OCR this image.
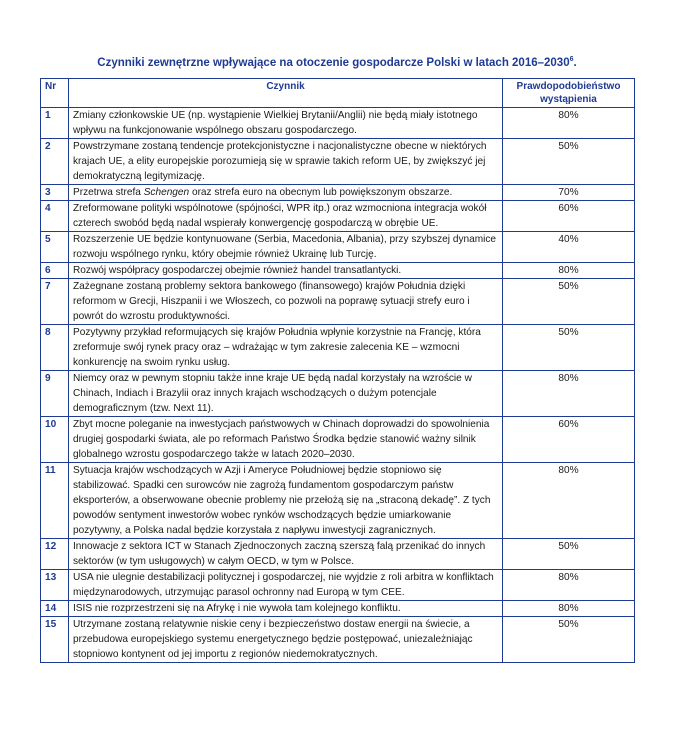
Czynniki zewnętrzne wpływające na otoczenie gospodarcze Polski w latach 2016–2030$^6$.
Nr	Czynnik	Prawdopodobieństwo wystąpienia
1	Zmiany członkowskie UE (np. wystąpienie Wielkiej Brytanii/Anglii) nie będą miały istotnego wpływu na funkcjonowanie wspólnego obszaru gospodarczego.	80%
2	Powstrzymane zostaną tendencje protekcjonistyczne i nacjonalistyczne obecne w niektórych krajach UE, a elity europejskie porozumieją się w sprawie takich reform UE, by zwiększyć jej demokratyczną legitymizację.	50%
3	Przetrwa strefa Schengen oraz strefa euro na obecnym lub powiększonym obszarze.	70%
4	Zreformowane polityki wspólnotowe (spójności, WPR itp.) oraz wzmocniona integracja wokół czterech swobód będą nadal wspierały konwergencję gospodarczą w obrębie UE.	60%
5	Rozszerzenie UE będzie kontynuowane (Serbia, Macedonia, Albania), przy szybszej dynamice rozwoju wspólnego rynku, który obejmie również Ukrainę lub Turcję.	40%
6	Rozwój współpracy gospodarczej obejmie również handel transatlantycki.	80%
7	Zażegnane zostaną problemy sektora bankowego (finansowego) krajów Południa dzięki reformom w Grecji, Hiszpanii i we Włoszech, co pozwoli na poprawę sytuacji strefy euro i powrót do wzrostu produktywności.	50%
8	Pozytywny przykład reformujących się krajów Południa wpłynie korzystnie na Francję, która zreformuje swój rynek pracy oraz – wdrażając w tym zakresie zalecenia KE – wzmocni konkurencję na swoim rynku usług.	50%
9	Niemcy oraz w pewnym stopniu także inne kraje UE będą nadal korzystały na wzroście w Chinach, Indiach i Brazylii oraz innych krajach wschodzących o dużym potencjale demograficznym (tzw. Next 11).	80%
10	Zbyt mocne poleganie na inwestycjach państwowych w Chinach doprowadzi do spowolnienia drugiej gospodarki świata, ale po reformach Państwo Środka będzie stanowić ważny silnik globalnego wzrostu gospodarczego także w latach 2020–2030.	60%
11	Sytuacja krajów wschodzących w Azji i Ameryce Południowej będzie stopniowo się stabilizować. Spadki cen surowców nie zagrożą fundamentom gospodarczym państw eksporterów, a obserwowane obecnie problemy nie przełożą się na „straconą dekadę”. Z tych powodów sentyment inwestorów wobec rynków wschodzących będzie umiarkowanie pozytywny, a Polska nadal będzie korzystała z napływu inwestycji zagranicznych.	80%
12	Innowacje z sektora ICT w Stanach Zjednoczonych zaczną szerszą falą przenikać do innych sektorów (w tym usługowych) w całym OECD, w tym w Polsce.	50%
13	USA nie ulegnie destabilizacji politycznej i gospodarczej, nie wyjdzie z roli arbitra w konfliktach międzynarodowych, utrzymując parasol ochronny nad Europą w tym CEE.	80%
14	ISIS nie rozprzestrzeni się na Afrykę i nie wywoła tam kolejnego konfliktu.	80%
15	Utrzymane zostaną relatywnie niskie ceny i bezpieczeństwo dostaw energii na świecie, a przebudowa europejskiego systemu energetycznego będzie postępować, uniezależniając stopniowo kontynent od jej importu z regionów niedemokratycznych.	50%
